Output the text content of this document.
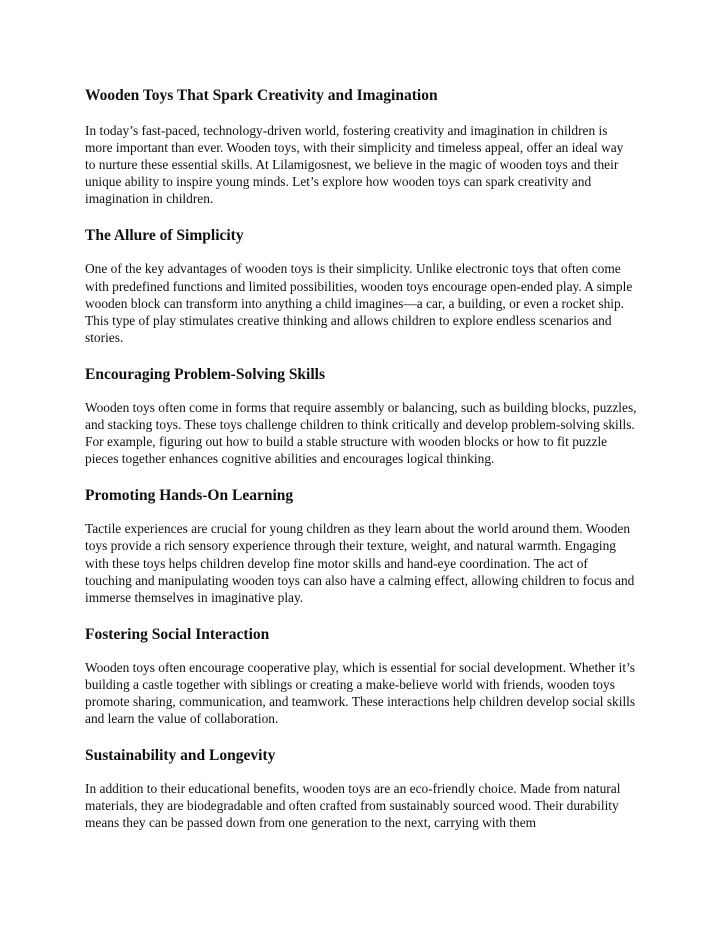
Wooden Toys That Spark Creativity and Imagination

In today’s fast-paced, technology-driven world, fostering creativity and imagination in children is more important than ever. Wooden toys, with their simplicity and timeless appeal, offer an ideal way to nurture these essential skills. At Lilamigosnest, we believe in the magic of wooden toys and their unique ability to inspire young minds. Let’s explore how wooden toys can spark creativity and imagination in children.

The Allure of Simplicity

One of the key advantages of wooden toys is their simplicity. Unlike electronic toys that often come with predefined functions and limited possibilities, wooden toys encourage open-ended play. A simple wooden block can transform into anything a child imagines—a car, a building, or even a rocket ship. This type of play stimulates creative thinking and allows children to explore endless scenarios and stories.

Encouraging Problem-Solving Skills

Wooden toys often come in forms that require assembly or balancing, such as building blocks, puzzles, and stacking toys. These toys challenge children to think critically and develop problem-solving skills. For example, figuring out how to build a stable structure with wooden blocks or how to fit puzzle pieces together enhances cognitive abilities and encourages logical thinking.

Promoting Hands-On Learning

Tactile experiences are crucial for young children as they learn about the world around them. Wooden toys provide a rich sensory experience through their texture, weight, and natural warmth. Engaging with these toys helps children develop fine motor skills and hand-eye coordination. The act of touching and manipulating wooden toys can also have a calming effect, allowing children to focus and immerse themselves in imaginative play.

Fostering Social Interaction

Wooden toys often encourage cooperative play, which is essential for social development. Whether it’s building a castle together with siblings or creating a make-believe world with friends, wooden toys promote sharing, communication, and teamwork. These interactions help children develop social skills and learn the value of collaboration.

Sustainability and Longevity

In addition to their educational benefits, wooden toys are an eco-friendly choice. Made from natural materials, they are biodegradable and often crafted from sustainably sourced wood. Their durability means they can be passed down from one generation to the next, carrying with them
